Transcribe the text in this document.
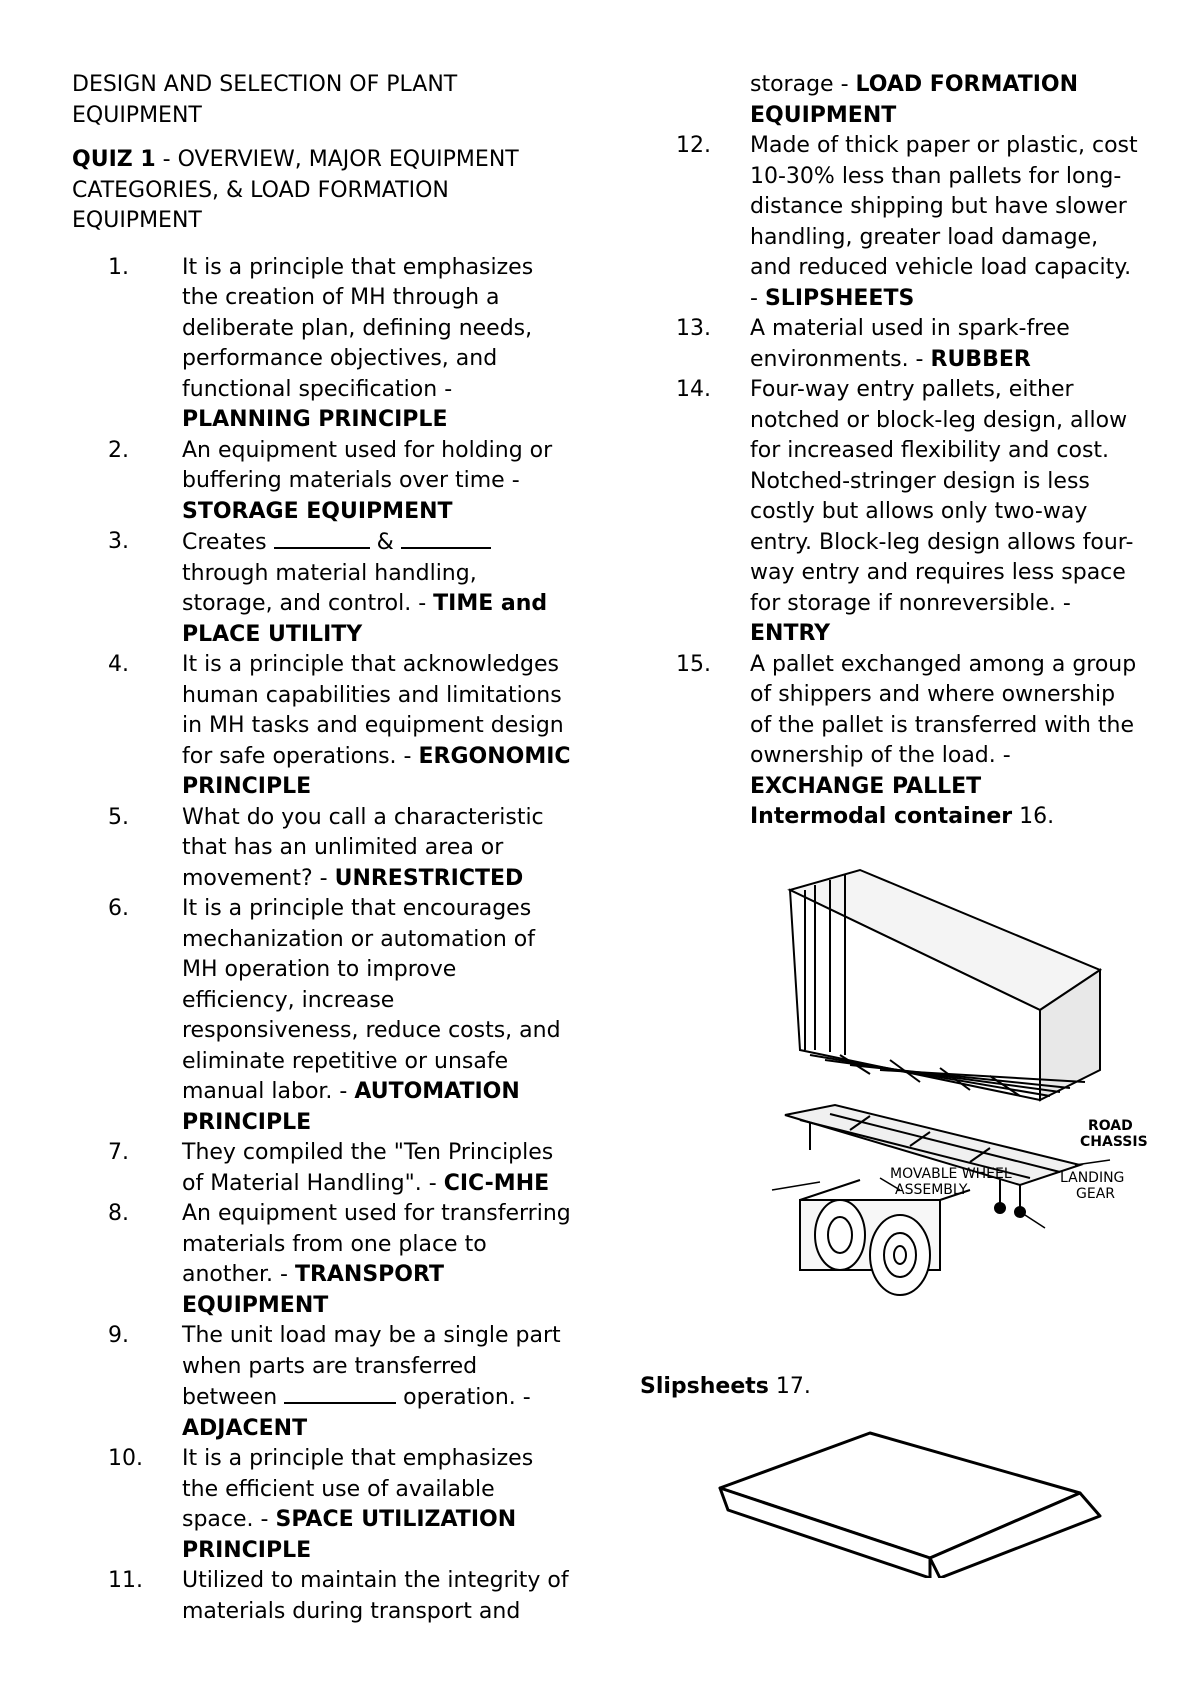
DESIGN AND SELECTION OF PLANT EQUIPMENT

QUIZ 1 - OVERVIEW, MAJOR EQUIPMENT CATEGORIES, & LOAD FORMATION EQUIPMENT

1. It is a principle that emphasizes the creation of MH through a deliberate plan, defining needs, performance objectives, and functional specification - PLANNING PRINCIPLE
2. An equipment used for holding or buffering materials over time - STORAGE EQUIPMENT
3. Creates	&  through material handling, storage, and control. - TIME and PLACE UTILITY
4. It is a principle that acknowledges human capabilities and limitations in MH tasks and equipment design for safe operations. - ERGONOMIC PRINCIPLE
5. What do you call a characteristic that has an unlimited area or movement? - UNRESTRICTED
6. It is a principle that encourages mechanization or automation of MH operation to improve efficiency, increase responsiveness, reduce costs, and eliminate repetitive or unsafe manual labor. - AUTOMATION PRINCIPLE
7. They compiled the "Ten Principles of Material Handling". - CIC-MHE
8. An equipment used for transferring materials from one place to another. - TRANSPORT EQUIPMENT
9. The unit load may be a single part when parts are transferred between	operation. - ADJACENT
10. It is a principle that emphasizes the efficient use of available space. - SPACE UTILIZATION PRINCIPLE
11. Utilized to maintain the integrity of materials during transport and
storage - LOAD FORMATION EQUIPMENT
12. Made of thick paper or plastic, cost 10-30% less than pallets for long-distance shipping but have slower handling, greater load damage, and reduced vehicle load capacity. - SLIPSHEETS
13. A material used in spark-free environments. - RUBBER
14. Four-way entry pallets, either notched or block-leg design, allow for increased flexibility and cost. Notched-stringer design is less costly but allows only two-way entry. Block-leg design allows four-way entry and requires less space for storage if nonreversible. - ENTRY
15. A pallet exchanged among a group of shippers and where ownership of the pallet is transferred with the ownership of the load. - EXCHANGE PALLET
Intermodal container 16.
ROAD
CHASSIS
MOVABLE WHEEL
ASSEMBLY
LANDING
GEAR
Slipsheets 17.
